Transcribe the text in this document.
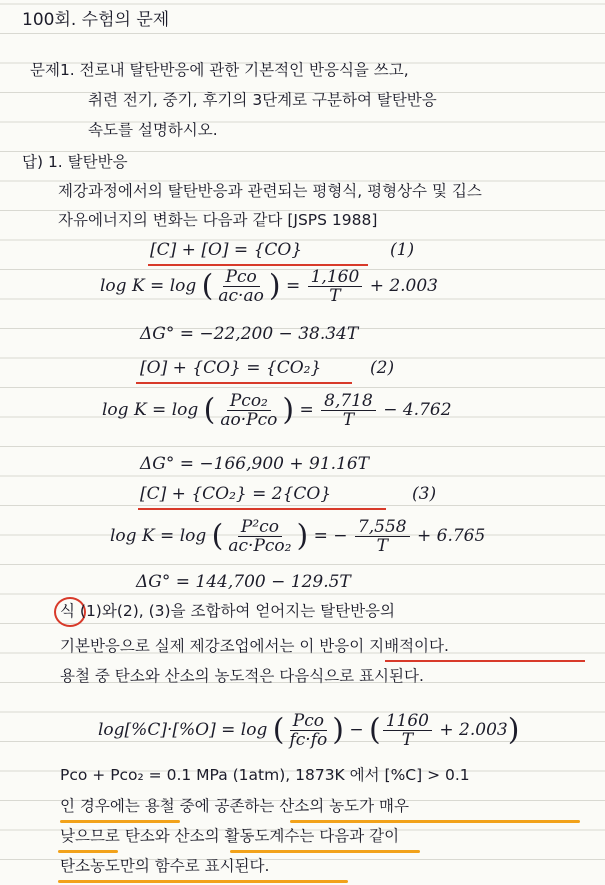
100회. 수험의 문제
문제1. 전로내 탈탄반응에 관한 기본적인 반응식을 쓰고,
취련 전기, 중기, 후기의 3단계로 구분하여 탈탄반응
속도를 설명하시오.
답) 1. 탈탄반응
제강과정에서의 탈탄반응과 관련되는 평형식, 평형상수 및 깁스
자유에너지의 변화는 다음과 같다 [JSPS 1988]
[C] + [O] = {CO}	(1)
log K = log ( $\frac{\text{Pco}}{ac\cdot ao}$ ) = $\frac{1,160}{T} + 2.003$
ΔG° = −22,200 − 38.34T
[O] + {CO} = {CO₂}	(2)
log K = log ( $\frac{\text{Pco₂}}{\text{ao·Pco}}$ ) = $\frac{8,718}{T} - 4.762$
ΔG° = −166,900 + 91.16T
[C] + {CO₂} = 2{CO}	(3)
log K = log ( $\frac{\text{P²co}}{\text{ac·Pco₂}}$ ) = − $\frac{7,558}{T} + 6.765$
ΔG° = 144,700 − 129.5T
식 (1)와(2), (3)을 조합하여 얻어지는 탈탄반응의
기본반응으로 실제 제강조업에서는 이 반응이 지배적이다.
용철 중 탄소와 산소의 농도적은 다음식으로 표시된다.
log[%C]·[%O] = log ( $\frac{\text{Pco}}{fc\cdot fo}$ ) − ( $\frac{1160}{T} + 2.003$)
Pco + Pco₂ = 0.1 MPa (1atm), 1873K 에서 [%C] > 0.1
인 경우에는 용철 중에 공존하는 산소의 농도가 매우
낮으므로 탄소와 산소의 활동도계수는 다음과 같이
탄소농도만의 함수로 표시된다.
